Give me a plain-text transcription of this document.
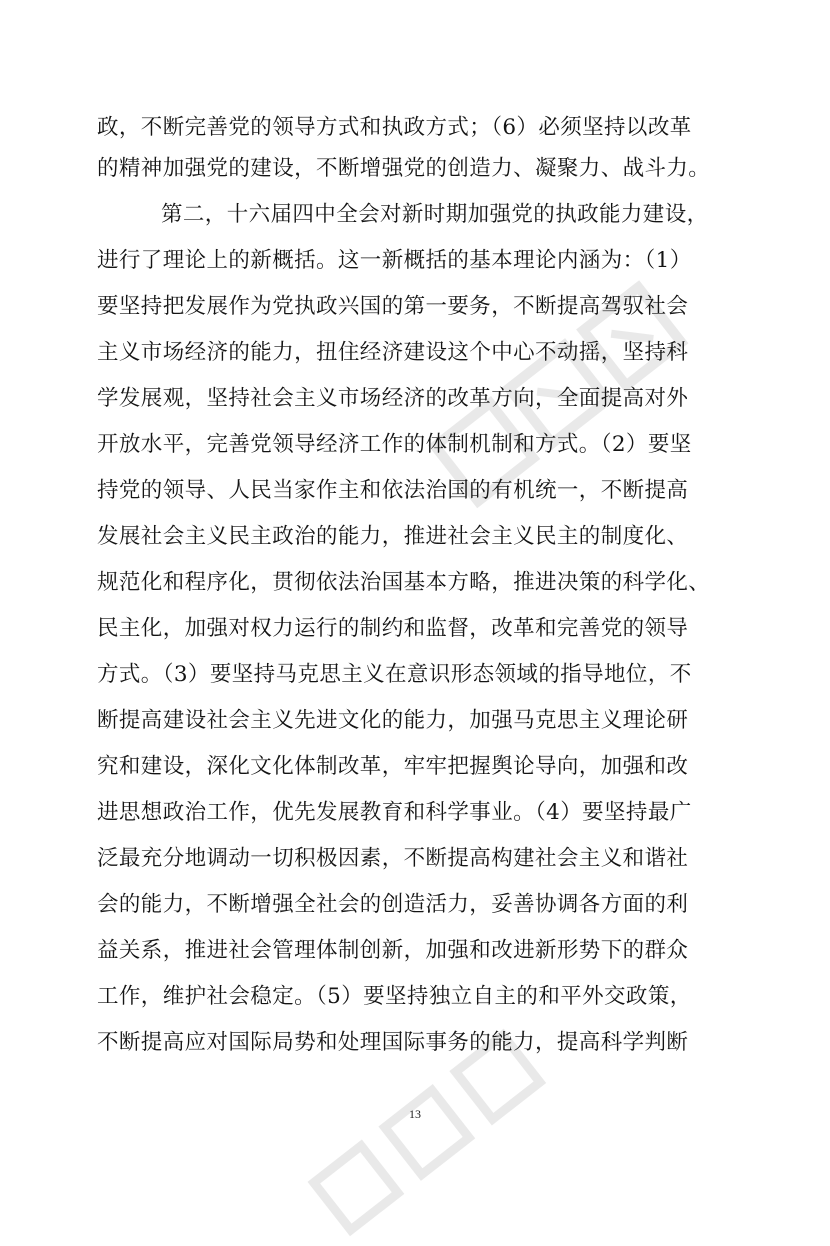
政，不断完善党的领导方式和执政方式；（6）必须坚持以改革
的精神加强党的建设，不断增强党的创造力、凝聚力、战斗力。
第二，十六届四中全会对新时期加强党的执政能力建设，
进行了理论上的新概括。这一新概括的基本理论内涵为：（1）
要坚持把发展作为党执政兴国的第一要务，不断提高驾驭社会
主义市场经济的能力，扭住经济建设这个中心不动摇，坚持科
学发展观，坚持社会主义市场经济的改革方向，全面提高对外
开放水平，完善党领导经济工作的体制机制和方式。（2）要坚
持党的领导、人民当家作主和依法治国的有机统一，不断提高
发展社会主义民主政治的能力，推进社会主义民主的制度化、
规范化和程序化，贯彻依法治国基本方略，推进决策的科学化、
民主化，加强对权力运行的制约和监督，改革和完善党的领导
方式。（3）要坚持马克思主义在意识形态领域的指导地位，不
断提高建设社会主义先进文化的能力，加强马克思主义理论研
究和建设，深化文化体制改革，牢牢把握舆论导向，加强和改
进思想政治工作，优先发展教育和科学事业。（4）要坚持最广
泛最充分地调动一切积极因素，不断提高构建社会主义和谐社
会的能力，不断增强全社会的创造活力，妥善协调各方面的利
益关系，推进社会管理体制创新，加强和改进新形势下的群众
工作，维护社会稳定。（5）要坚持独立自主的和平外交政策，
不断提高应对国际局势和处理国际事务的能力，提高科学判断
13
